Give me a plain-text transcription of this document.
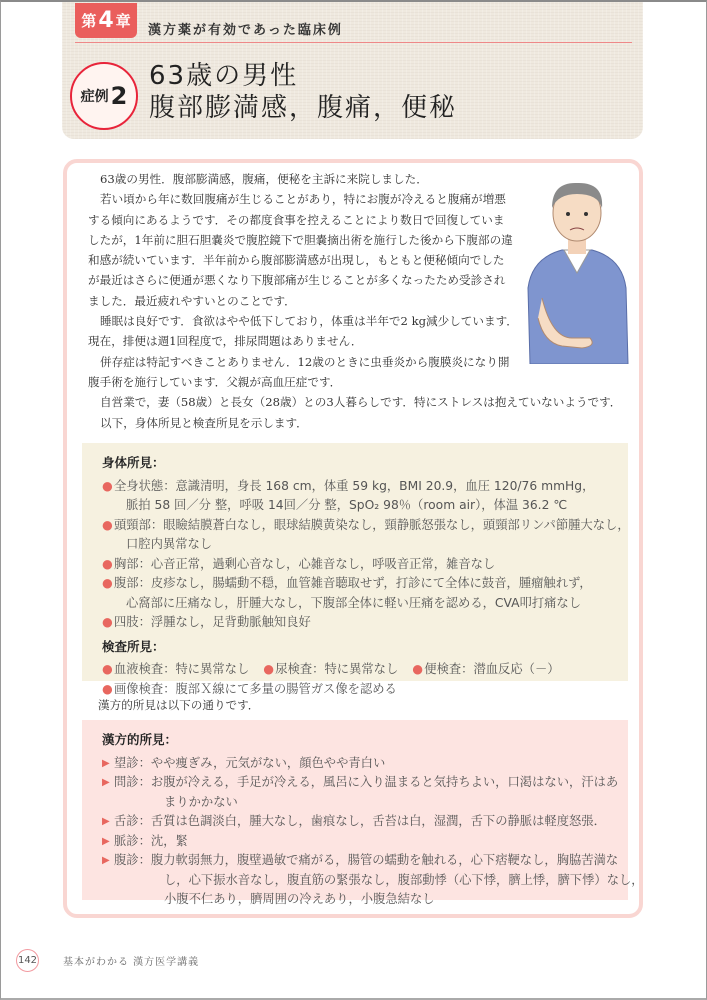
第 4 章
漢方薬が有効であった臨床例
症例 2
63歳の男性
腹部膨満感，腹痛，便秘
63歳の男性．腹部膨満感，腹痛，便秘を主訴に来院しました．
若い頃から年に数回腹痛が生じることがあり，特にお腹が冷えると腹痛が増悪
する傾向にあるようです．その都度食事を控えることにより数日で回復していま
したが，1年前に胆石胆嚢炎で腹腔鏡下で胆嚢摘出術を施行した後から下腹部の違
和感が続いています．半年前から腹部膨満感が出現し，もともと便秘傾向でした
が最近はさらに便通が悪くなり下腹部痛が生じることが多くなったため受診され
ました．最近疲れやすいとのことです．
睡眠は良好です．食欲はやや低下しており，体重は半年で2 kg減少しています．
現在，排便は週1回程度で，排尿問題はありません．
併存症は特記すべきことありません．12歳のときに虫垂炎から腹膜炎になり開
腹手術を施行しています．父親が高血圧症です．
自営業で，妻（58歳）と長女（28歳）との3人暮らしです．特にストレスは抱えていないようです．
以下，身体所見と検査所見を示します．
身体所見：
● 全身状態：意識清明，身長 168 cm，体重 59 kg，BMI 20.9，血圧 120/76 mmHg，
脈拍 58 回／分 整，呼吸 14回／分 整，SpO₂ 98％（room air），体温 36.2 ℃
● 頭頸部：眼瞼結膜蒼白なし，眼球結膜黄染なし，頸静脈怒張なし，頭頸部リンパ節腫大なし，
口腔内異常なし
● 胸部：心音正常，過剰心音なし，心雑音なし，呼吸音正常，雑音なし
● 腹部：皮疹なし，腸蠕動不穏，血管雑音聴取せず，打診にて全体に鼓音，腫瘤触れず，
心窩部に圧痛なし，肝腫大なし，下腹部全体に軽い圧痛を認める，CVA叩打痛なし
● 四肢：浮腫なし，足背動脈触知良好
検査所見：
● 血液検査：特に異常なし ● 尿検査：特に異常なし ● 便検査：潜血反応（－）
● 画像検査：腹部Ｘ線にて多量の腸管ガス像を認める
漢方的所見は以下の通りです．
漢方的所見：
▶ 望診：やや痩ぎみ，元気がない，顔色やや青白い
▶ 問診：お腹が冷える，手足が冷える，風呂に入り温まると気持ちよい，口渇はない，汗はあ
まりかかない
▶ 舌診：舌質は色調淡白，腫大なし，歯痕なし，舌苔は白，湿潤，舌下の静脈は軽度怒張．
▶ 脈診：沈，緊
▶ 腹診：腹力軟弱無力，腹壁過敏で痛がる，腸管の蠕動を触れる，心下痞鞕なし，胸脇苦満な
し，心下振水音なし，腹直筋の緊張なし，腹部動悸（心下悸，臍上悸，臍下悸）なし，
小腹不仁あり，臍周囲の冷えあり，小腹急結なし
142	基本がわかる 漢方医学講義
